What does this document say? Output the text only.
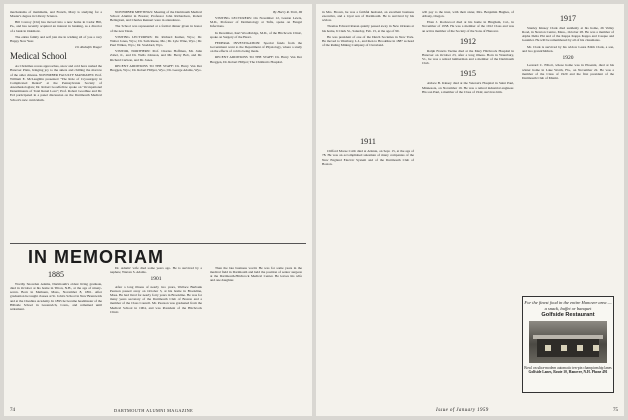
mechanisms of mammalia, and French, Mary is studying for a Master's degree in Library Science.

Bill Conroy (Chi) has moved into a new home in Cedar Hill, Pa., and has recently acquired an interest in banking, as a director of a bank in Oakmont.

The entire family and self join me in wishing all of you a very Happy New Year.

Dr. Rudolph Yeager

Medical School

As Christmas recess approaches, snow and cold have rushed the Hanover Plain, bringing joy to the skiers and chilling the marrow of the older citizens. NOVEMBER FACULTY MANDATES: Prof. William E. McLaughlin presented "The Role of Cryosurgery in Complicated Dental" at the Pennsylvania Society of Anesthesiologists; Dr. Robert Goodfellow spoke on "Occupational Determinants of Total Renal Loss"; Prof. Robert Goodhue and Dr. Erd participated in a panel discussion on the Dartmouth Medical School's new curriculum.

NOVEMBER MEETINGS: Meeting of the Dartmouth Medical School Alumni in Boston; Professor John Richardson, Robert Bellagioni, and Charles Rennert were in attendance.

The School was represented at a formal dinner given in honor of the new Dean.

VISITING LECTURERS: Dr. Richard Kumar, Wyo.; Dr. Walter Jones, Wyo.; Dr. Sam Reese, Me.; Dr. Lyle Wine, Wyo.; Dr. Paul Wilkes, Wyo.; Dr. Stoddard, Wyo.

VISITOR, NORTHERN: Prof. Charles Hoffman, Mr. John Zabel, Jr., and Dr. Wells Johnson, and Mr. Berry Bob, and Dr. Richard Carlson, and Dr. Jones.

RECENT ADDITIONS TO THE STAFF: Dr. Harry Van Der Breggen, Wyo.; Dr. Robert Hillyer, Wyo.; Dr. George Adams, Wyo.

By Harry R. Trott, III

VISITING LECTURERS: On November 12, Gaston Lewis, M.D., Professor of Dermatology at Tufts, spoke on Fungal Infections.

In December, Karl Woodbridge, M.D., of the Hitchcock Clinic, spoke on Surgery of the Heart.

FEDERAL INVESTIGATION: Special funds from the Government went to the Department of Physiology, where a study on the effects of cold is being made.

RECENT ADDITIONS TO THE STAFF: Dr. Harry Van Der Breggen, Dr. Robert Hillyer; The Children's Hospital.

IN MEMORIAM
1885

Worthy Snowden Adams, Dartmouth's oldest living graduate, died in October at his home in Tilton, N.H., at the age of ninety-seven. Born in Methuen, Mass., November 8, 1861. After graduation he taught classes at St. John's School in New Brunswick and at the Cheshire Academy. In 1895 he became headmaster of the Hillside School in Greenwich, Conn., and remained until retirement.

Dr. Adams' wife died some years ago. He is survived by a nephew, Warren S. Adams.

1901

After a long illness of nearly two years, Wallace Burbank Pearson passed away on October 5, at his home in Brookline, Mass. He had lived for nearly forty years in Brookline. He was for many years secretary of the Dartmouth Club of Boston and a member of the Class Council. Mr. Pearson was graduated from the Medical School in 1904, and was President of the Hitchcock Clinic.

Then the late business world. He was for some years in the medical field in Dartmouth and held the position of senior surgeon at the Dartmouth-Hitchcock Medical Center. He leaves his wife and one daughter.

74	DARTMOUTH ALUMNI MAGAZINE

in Mrs. Brown, he was a faithful husband, an excellent business executive, and a loyal son of Dartmouth. He is survived by his widow.

Thomas Edward Ronan quietly passed away in New Orleans at his home, 6 Clark St., Saturday, Feb. 15, at the age of 90.

He was president of one of the Dutch Societies in New York. He moved to Westbury, L.I., and then to Brookline in 1887 as head of the Ruling Mining Company of Cleveland.

1911

Clifford Morse Cobb died at Atlanta, on Sept. 15, at the age of 78. He was an accomplished salesman of many companies of the New England Electric System and of the Dartmouth Club of Boston.

will pay to the trust, with their sister, Mrs. Benjamin Hughes, of Albany, Oregon.

Eben J. Rockwood died at his home in Bingham, Cal., in November of 1958. He was a member of the 1912 Class and was an active member of the Society of the Sons of Hanover.

1912

Ralph Francis Vezina died at the Mary Hitchcock Hospital in Hanover on October 23, after a long illness. Born in Waterbury, Vt., he was a retired lumberman and a member of the Dartmouth Club.

1915

Aldace B. Kinsey died at the Veteran's Hospital in Saint Paul, Minnesota, on November 19. He was a retired industrial engineer. His son Paul, a member of the Class of 1942, survives him.

1917

Stanley Kinsey Clark died suddenly at his home, 26 Valley Road, in Newton Centre, Mass., October 28. He was a member of Alpha Delta Phi and of the Kappa Kappa Kappa and Casque and Gauntlet. He will be remembered by all of his classmates.

Mr. Clark is survived by his widow Laura Edith Clark, a son, and two grandchildren.

1920

Leonard C. Elliott, whose home was in Phoenix, died at his winter home in Lake Worth, Fla., on November 22. He was a member of the Class of 1920 and the first president of the Dartmouth Club of Miami.

For the finest food in the entire Hanover area — a snack, buffet or banquet
Golfside Restaurant
Bowl on ultra-modern automatic ten-pin championship lanes
Golfside Lanes, Route 10, Hanover, N.H. Phone 491
Issue of January 1959	75
